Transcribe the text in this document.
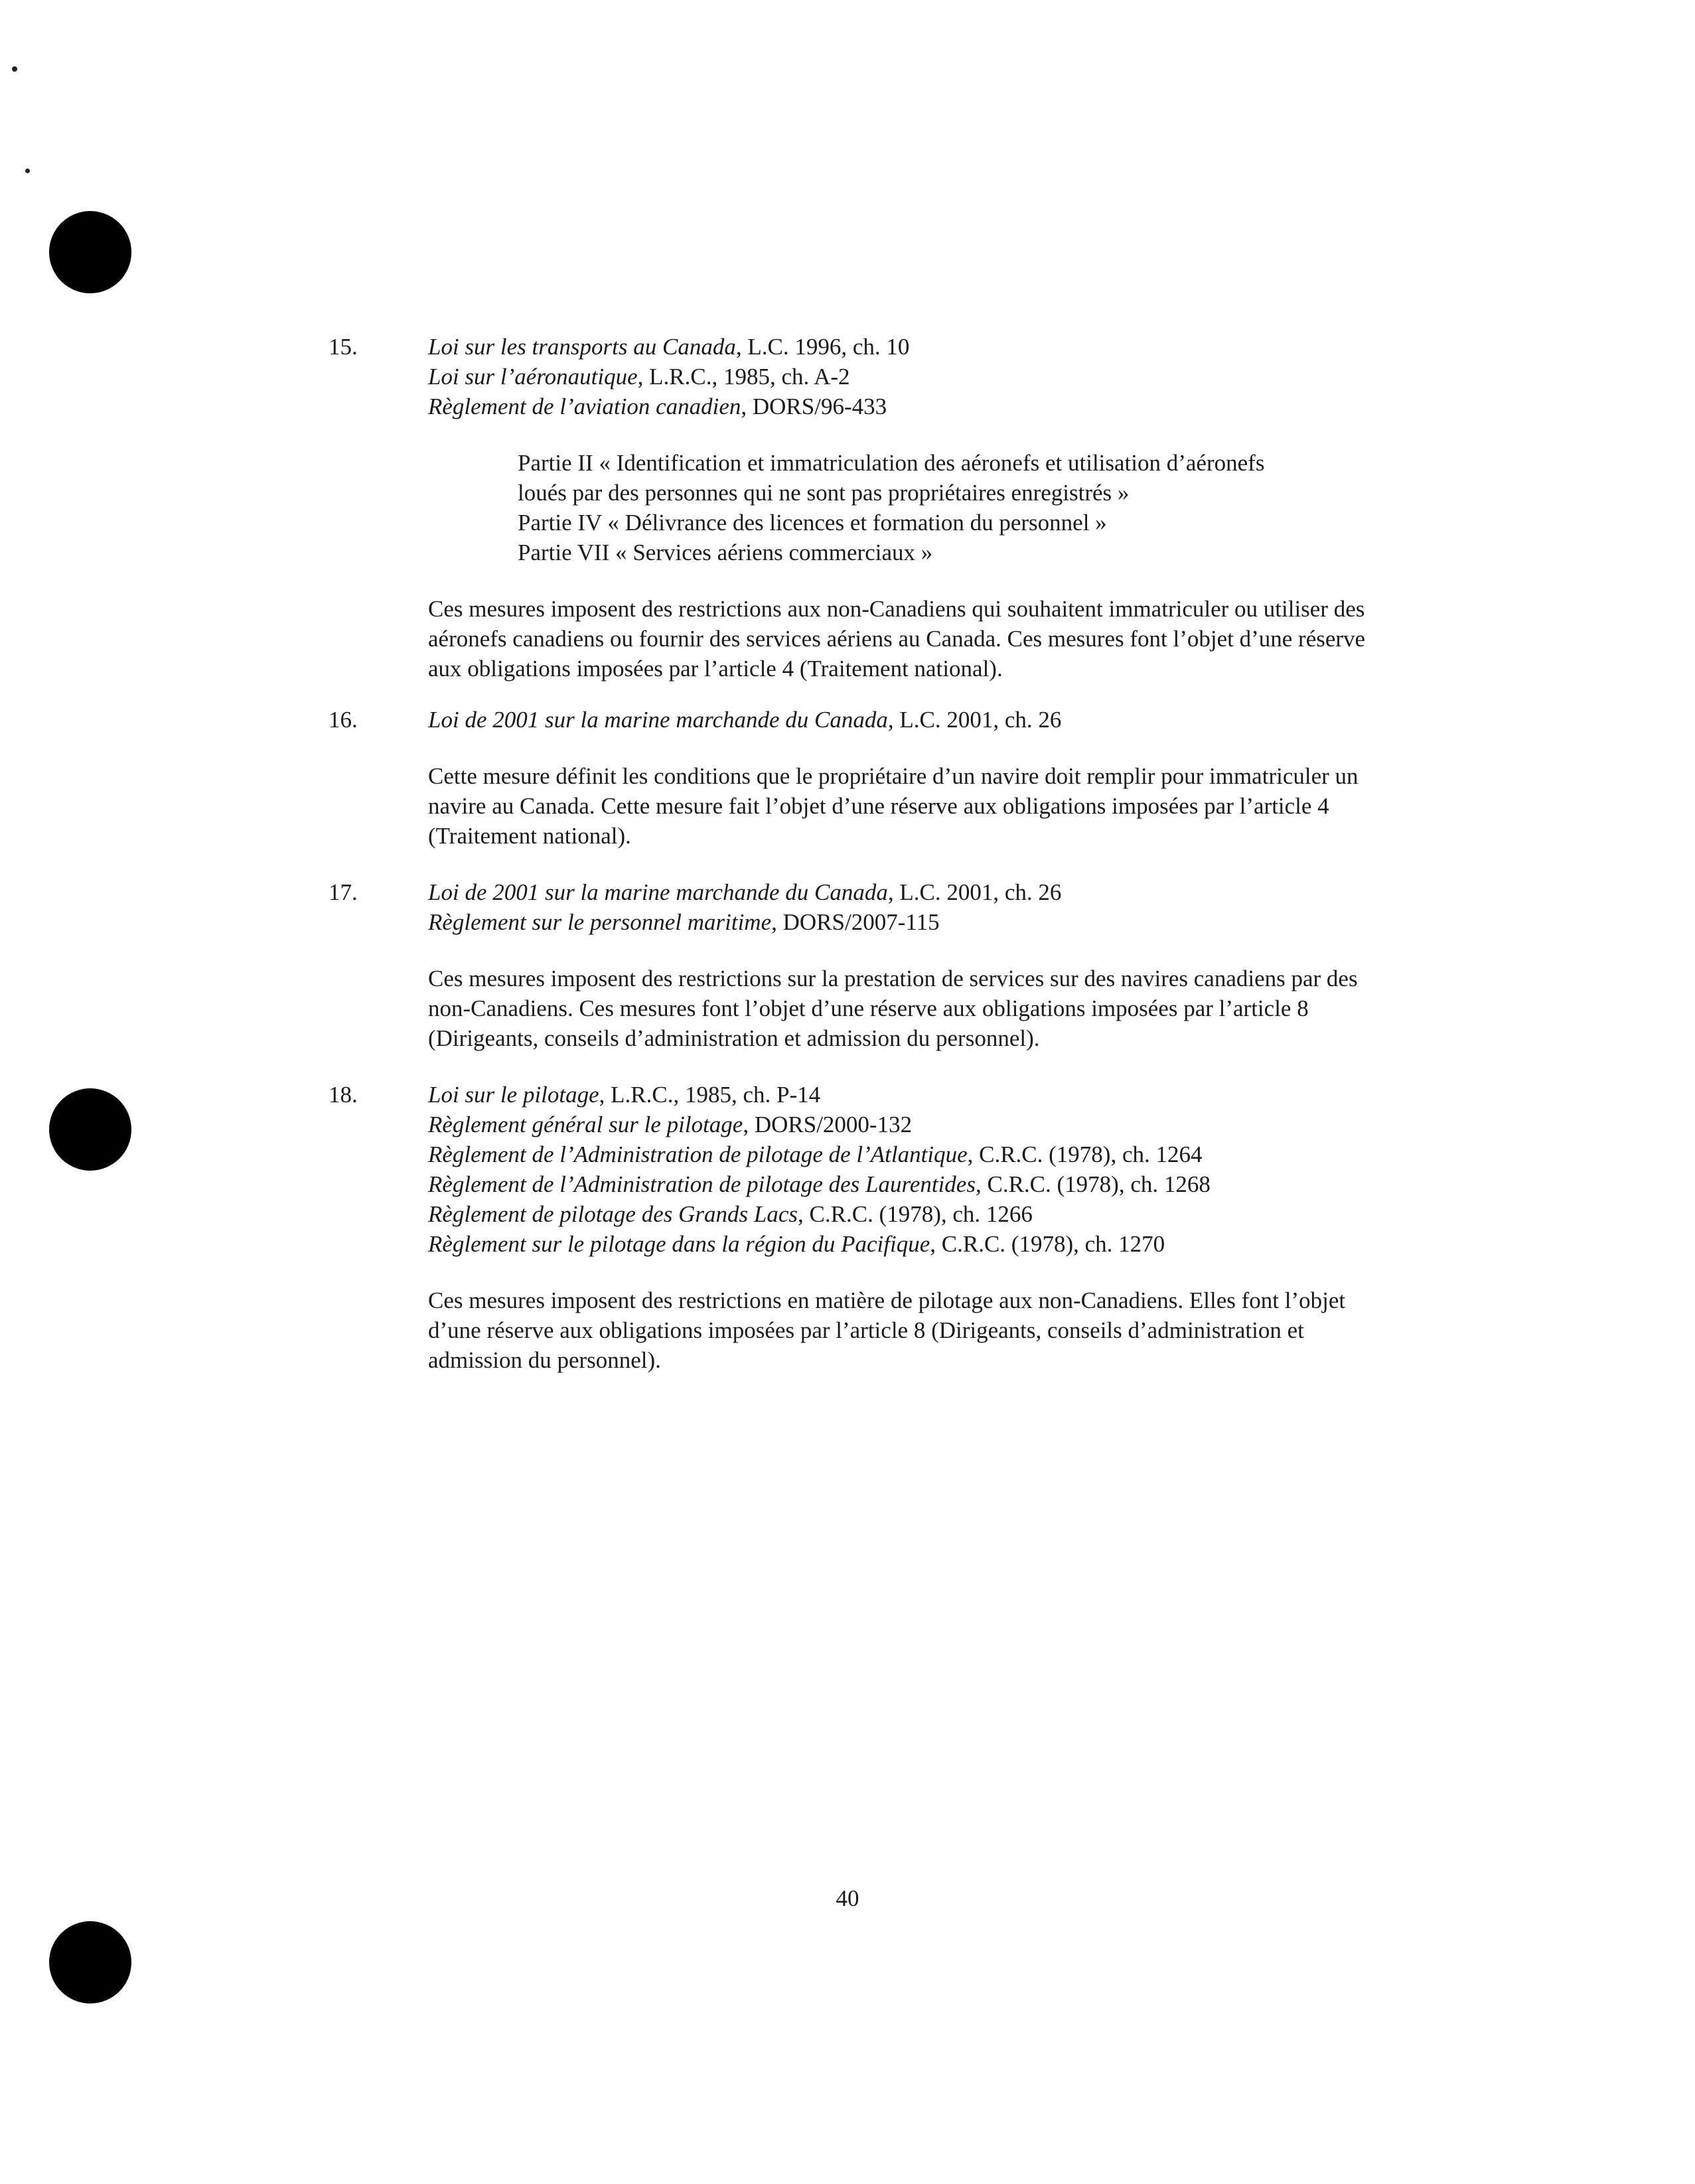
15.	Loi sur les transports au Canada, L.C. 1996, ch. 10
Loi sur l’aéronautique, L.R.C., 1985, ch. A-2
Règlement de l’aviation canadien, DORS/96-433
Partie II « Identification et immatriculation des aéronefs et utilisation d’aéronefs
loués par des personnes qui ne sont pas propriétaires enregistrés »
Partie IV « Délivrance des licences et formation du personnel »
Partie VII « Services aériens commerciaux »
Ces mesures imposent des restrictions aux non-Canadiens qui souhaitent immatriculer ou utiliser des aéronefs canadiens ou fournir des services aériens au Canada. Ces mesures font l’objet d’une réserve aux obligations imposées par l’article 4 (Traitement national).
16.	Loi de 2001 sur la marine marchande du Canada, L.C. 2001, ch. 26
Cette mesure définit les conditions que le propriétaire d’un navire doit remplir pour immatriculer un navire au Canada. Cette mesure fait l’objet d’une réserve aux obligations imposées par l’article 4 (Traitement national).
17.	Loi de 2001 sur la marine marchande du Canada, L.C. 2001, ch. 26
Règlement sur le personnel maritime, DORS/2007-115
Ces mesures imposent des restrictions sur la prestation de services sur des navires canadiens par des non-Canadiens. Ces mesures font l’objet d’une réserve aux obligations imposées par l’article 8 (Dirigeants, conseils d’administration et admission du personnel).
18.	Loi sur le pilotage, L.R.C., 1985, ch. P-14
Règlement général sur le pilotage, DORS/2000-132
Règlement de l’Administration de pilotage de l’Atlantique, C.R.C. (1978), ch. 1264
Règlement de l’Administration de pilotage des Laurentides, C.R.C. (1978), ch. 1268
Règlement de pilotage des Grands Lacs, C.R.C. (1978), ch. 1266
Règlement sur le pilotage dans la région du Pacifique, C.R.C. (1978), ch. 1270
Ces mesures imposent des restrictions en matière de pilotage aux non-Canadiens. Elles font l’objet d’une réserve aux obligations imposées par l’article 8 (Dirigeants, conseils d’administration et admission du personnel).
40
